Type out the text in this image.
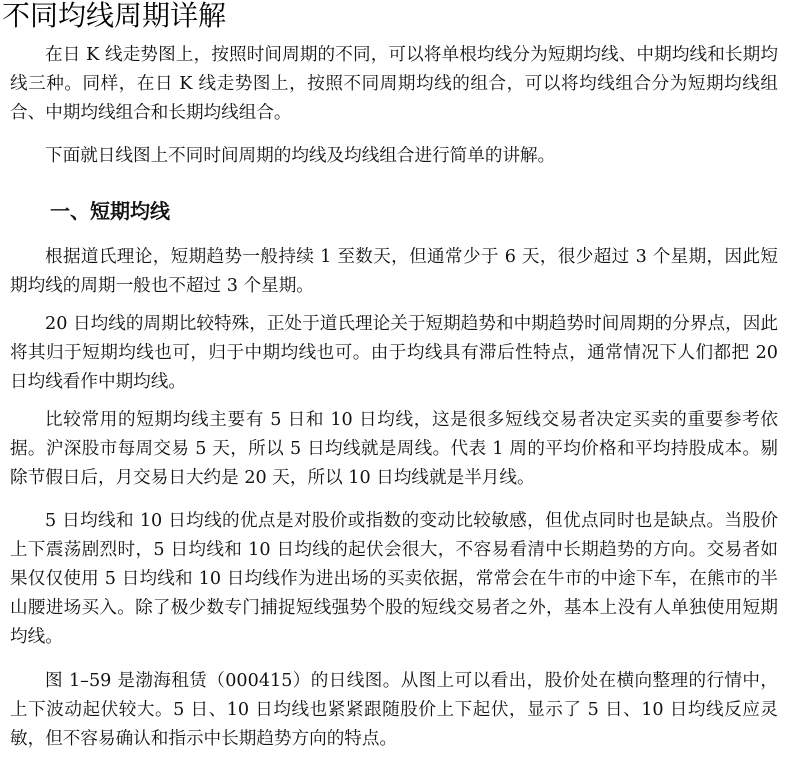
不同均线周期详解

在日 K 线走势图上，按照时间周期的不同，可以将单根均线分为短期均线、中期均线和长期均线三种。同样，在日 K 线走势图上，按照不同周期均线的组合，可以将均线组合分为短期均线组合、中期均线组合和长期均线组合。

下面就日线图上不同时间周期的均线及均线组合进行简单的讲解。

一、短期均线

根据道氏理论，短期趋势一般持续 1 至数天，但通常少于 6 天，很少超过 3 个星期，因此短期均线的周期一般也不超过 3 个星期。

20 日均线的周期比较特殊，正处于道氏理论关于短期趋势和中期趋势时间周期的分界点，因此将其归于短期均线也可，归于中期均线也可。由于均线具有滞后性特点，通常情况下人们都把 20 日均线看作中期均线。

比较常用的短期均线主要有 5 日和 10 日均线，这是很多短线交易者决定买卖的重要参考依据。沪深股市每周交易 5 天，所以 5 日均线就是周线。代表 1 周的平均价格和平均持股成本。剔除节假日后，月交易日大约是 20 天，所以 10 日均线就是半月线。

5 日均线和 10 日均线的优点是对股价或指数的变动比较敏感，但优点同时也是缺点。当股价上下震荡剧烈时，5 日均线和 10 日均线的起伏会很大，不容易看清中长期趋势的方向。交易者如果仅仅使用 5 日均线和 10 日均线作为进出场的买卖依据，常常会在牛市的中途下车，在熊市的半山腰进场买入。除了极少数专门捕捉短线强势个股的短线交易者之外，基本上没有人单独使用短期均线。

图 1–59 是渤海租赁（000415）的日线图。从图上可以看出，股价处在横向整理的行情中，上下波动起伏较大。5 日、10 日均线也紧紧跟随股价上下起伏，显示了 5 日、10 日均线反应灵敏，但不容易确认和指示中长期趋势方向的特点。
